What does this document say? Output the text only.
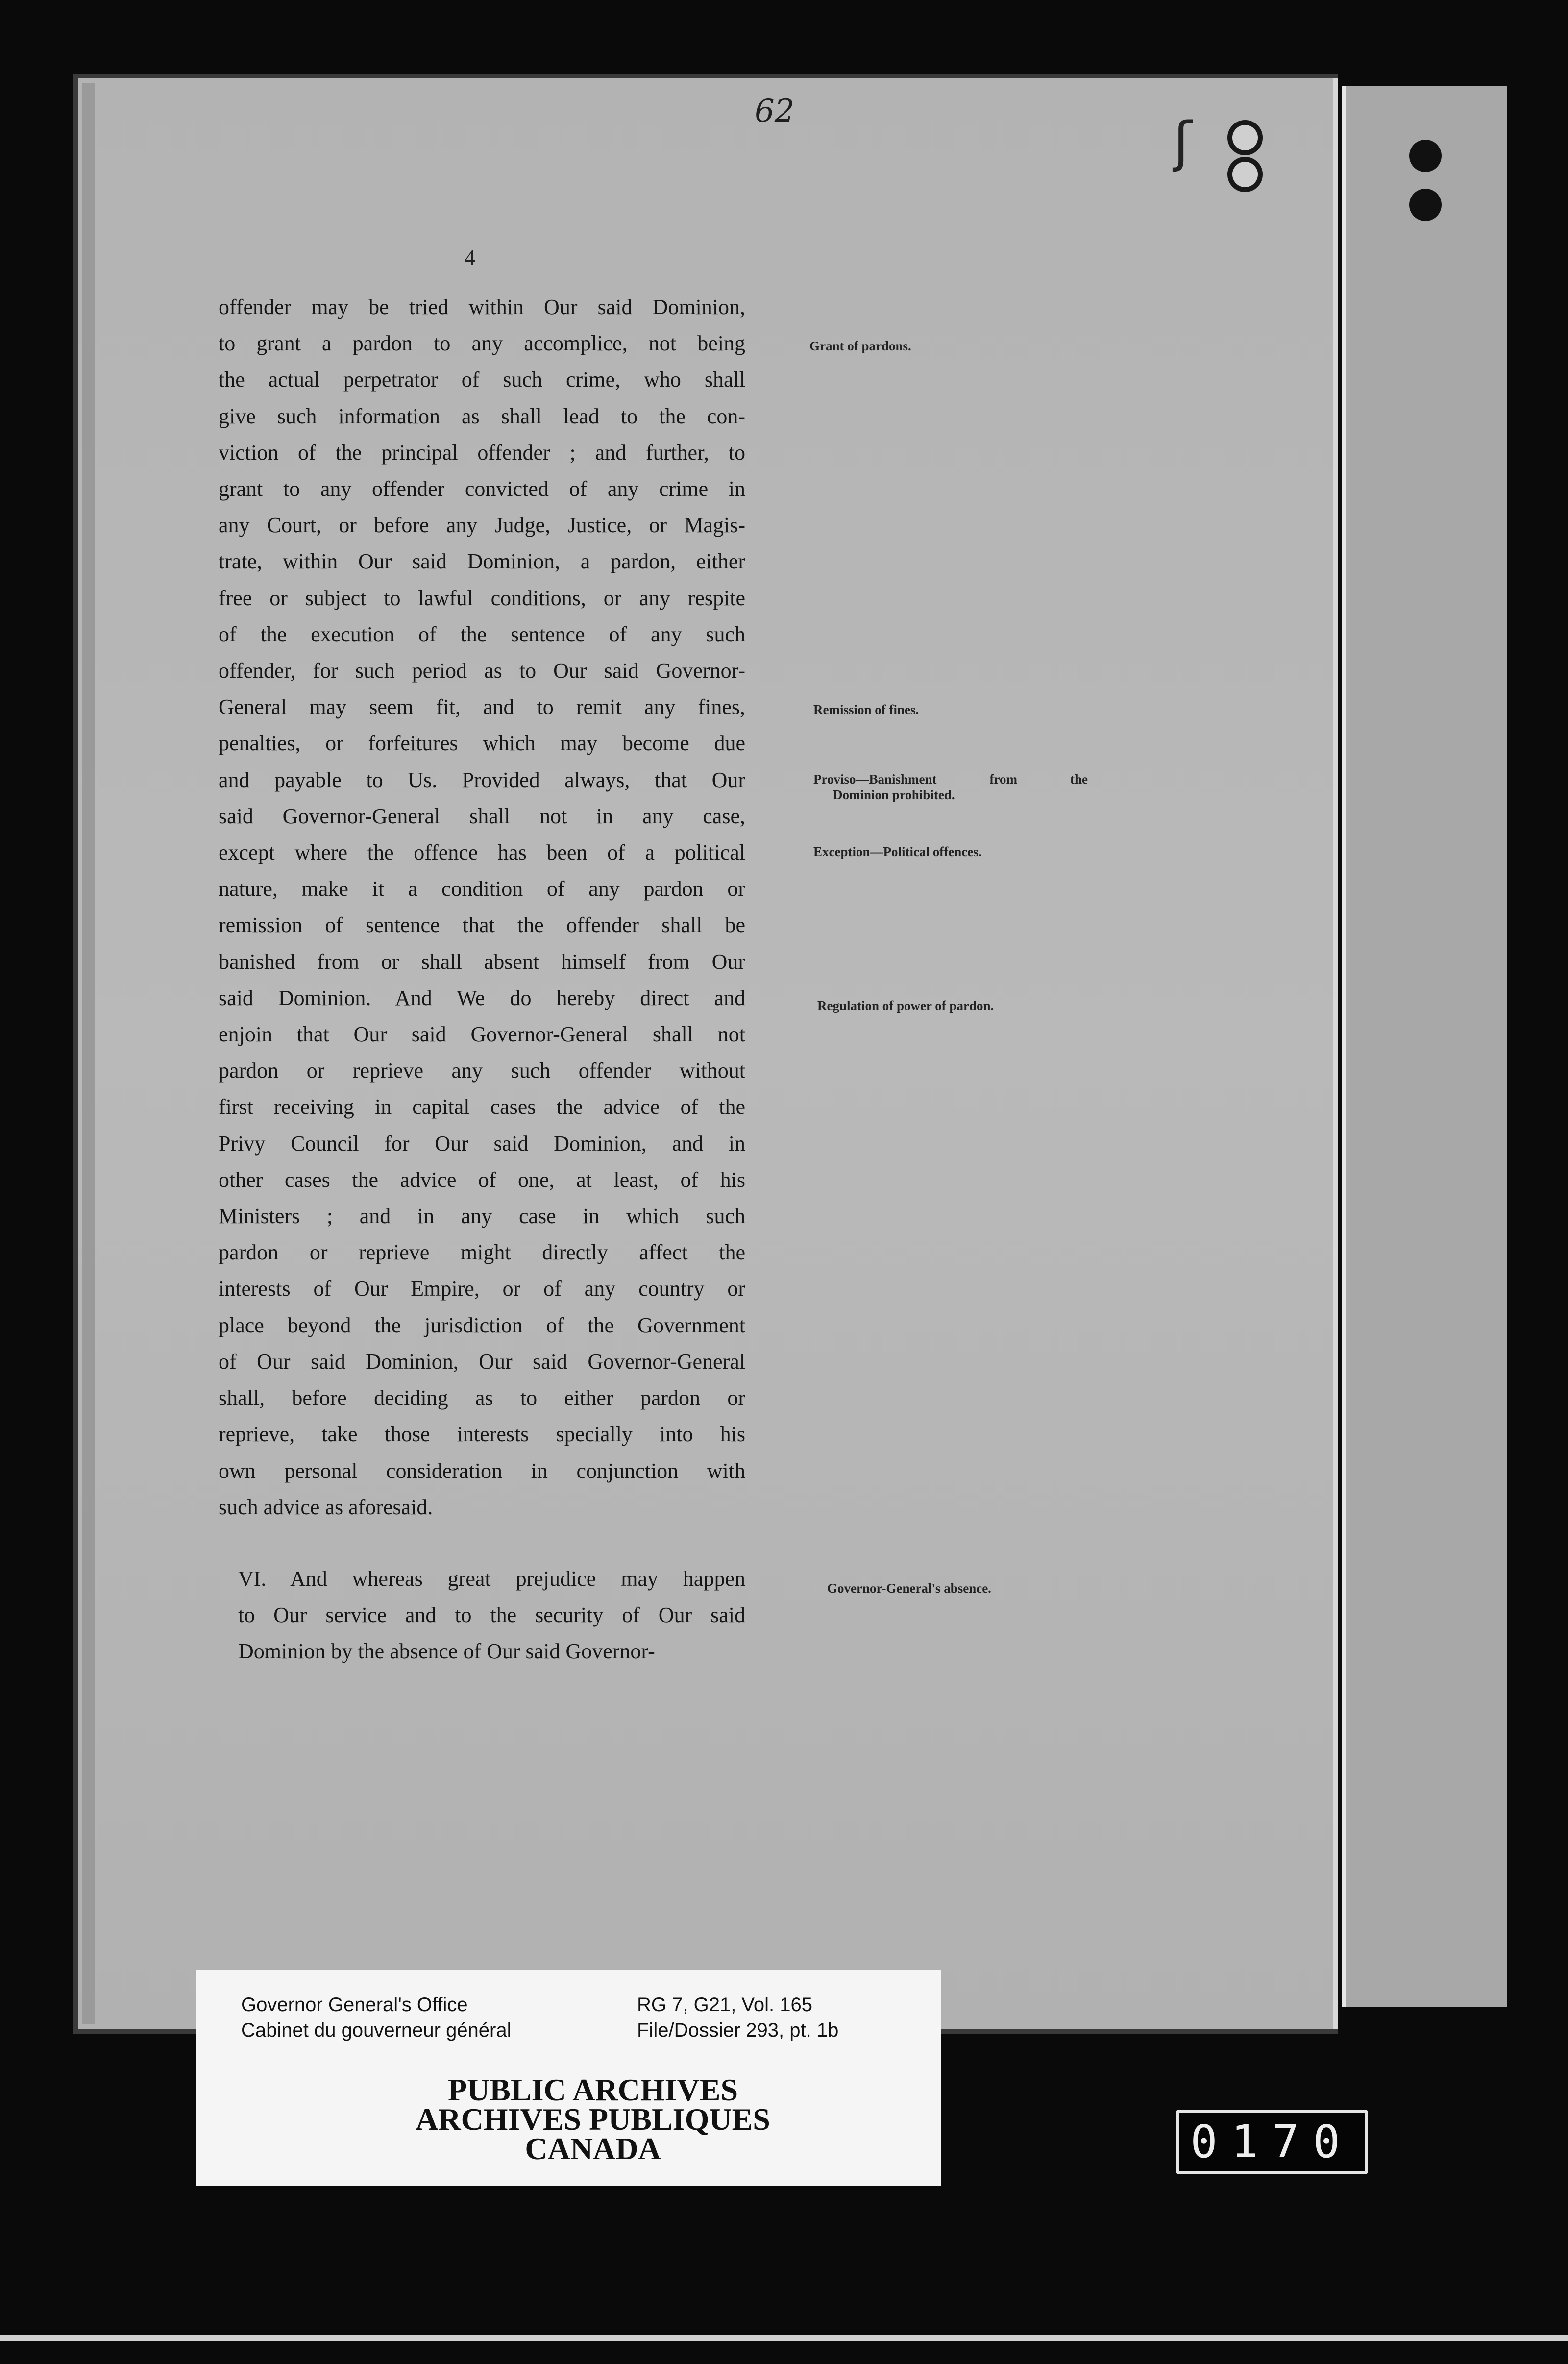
62	ʃ
4
offender may be tried within Our said Dominion,
to grant a pardon to any accomplice, not being
the actual perpetrator of such crime, who shall
give such information as shall lead to the con-
viction of the principal offender ; and further, to
grant to any offender convicted of any crime in
any Court, or before any Judge, Justice, or Magis-
trate, within Our said Dominion, a pardon, either
free or subject to lawful conditions, or any respite
of the execution of the sentence of any such
offender, for such period as to Our said Governor-
General may seem fit, and to remit any fines,
penalties, or forfeitures which may become due
and payable to Us. Provided always, that Our
said Governor-General shall not in any case,
except where the offence has been of a political
nature, make it a condition of any pardon or
remission of sentence that the offender shall be
banished from or shall absent himself from Our
said Dominion. And We do hereby direct and
enjoin that Our said Governor-General shall not
pardon or reprieve any such offender without
first receiving in capital cases the advice of the
Privy Council for Our said Dominion, and in
other cases the advice of one, at least, of his
Ministers ; and in any case in which such
pardon or reprieve might directly affect the
interests of Our Empire, or of any country or
place beyond the jurisdiction of the Government
of Our said Dominion, Our said Governor-General
shall, before deciding as to either pardon or
reprieve, take those interests specially into his
own personal consideration in conjunction with
such advice as aforesaid.
VI. And whereas great prejudice may happen
to Our service and to the security of Our said
Dominion by the absence of Our said Governor-
Grant of pardons.
Remission of fines.
Proviso—Banishment from the
Dominion prohibited.
Exception—Political offences.
Regulation of power of pardon.
Governor-General's absence.
Governor General's Office
Cabinet du gouverneur général
RG 7, G21, Vol. 165
File/Dossier 293, pt. 1b
PUBLIC ARCHIVES
ARCHIVES PUBLIQUES
CANADA	0170
